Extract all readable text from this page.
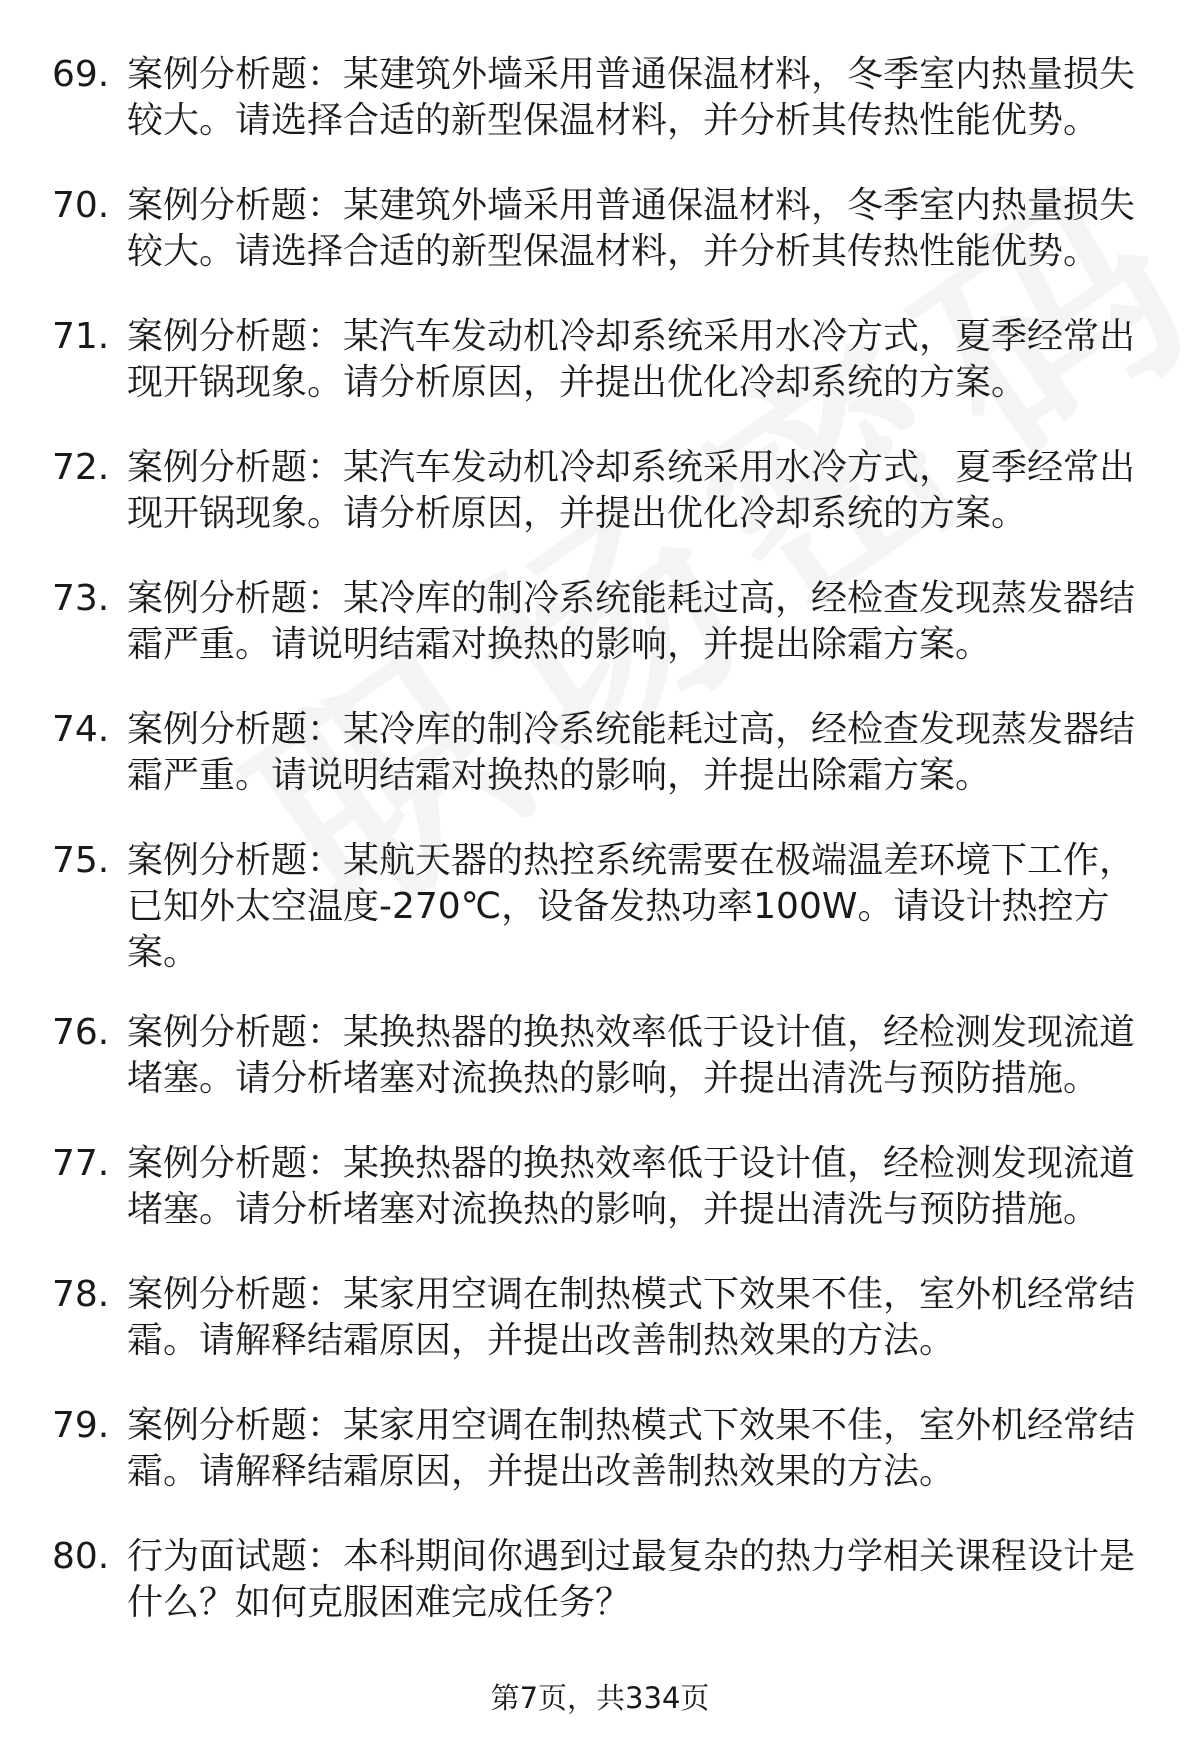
69. 案例分析题：某建筑外墙采用普通保温材料，冬季室内热量损失
较大。请选择合适的新型保温材料，并分析其传热性能优势。
70. 案例分析题：某建筑外墙采用普通保温材料，冬季室内热量损失
较大。请选择合适的新型保温材料，并分析其传热性能优势。
71. 案例分析题：某汽车发动机冷却系统采用水冷方式，夏季经常出
现开锅现象。请分析原因，并提出优化冷却系统的方案。
72. 案例分析题：某汽车发动机冷却系统采用水冷方式，夏季经常出
现开锅现象。请分析原因，并提出优化冷却系统的方案。
73. 案例分析题：某冷库的制冷系统能耗过高，经检查发现蒸发器结
霜严重。请说明结霜对换热的影响，并提出除霜方案。
74. 案例分析题：某冷库的制冷系统能耗过高，经检查发现蒸发器结
霜严重。请说明结霜对换热的影响，并提出除霜方案。
75. 案例分析题：某航天器的热控系统需要在极端温差环境下工作，
已知外太空温度-270℃，设备发热功率100W。请设计热控方
案。
76. 案例分析题：某换热器的换热效率低于设计值，经检测发现流道
堵塞。请分析堵塞对流换热的影响，并提出清洗与预防措施。
77. 案例分析题：某换热器的换热效率低于设计值，经检测发现流道
堵塞。请分析堵塞对流换热的影响，并提出清洗与预防措施。
78. 案例分析题：某家用空调在制热模式下效果不佳，室外机经常结
霜。请解释结霜原因，并提出改善制热效果的方法。
79. 案例分析题：某家用空调在制热模式下效果不佳，室外机经常结
霜。请解释结霜原因，并提出改善制热效果的方法。
80. 行为面试题：本科期间你遇到过最复杂的热力学相关课程设计是
什么？如何克服困难完成任务？
第7页，共334页
